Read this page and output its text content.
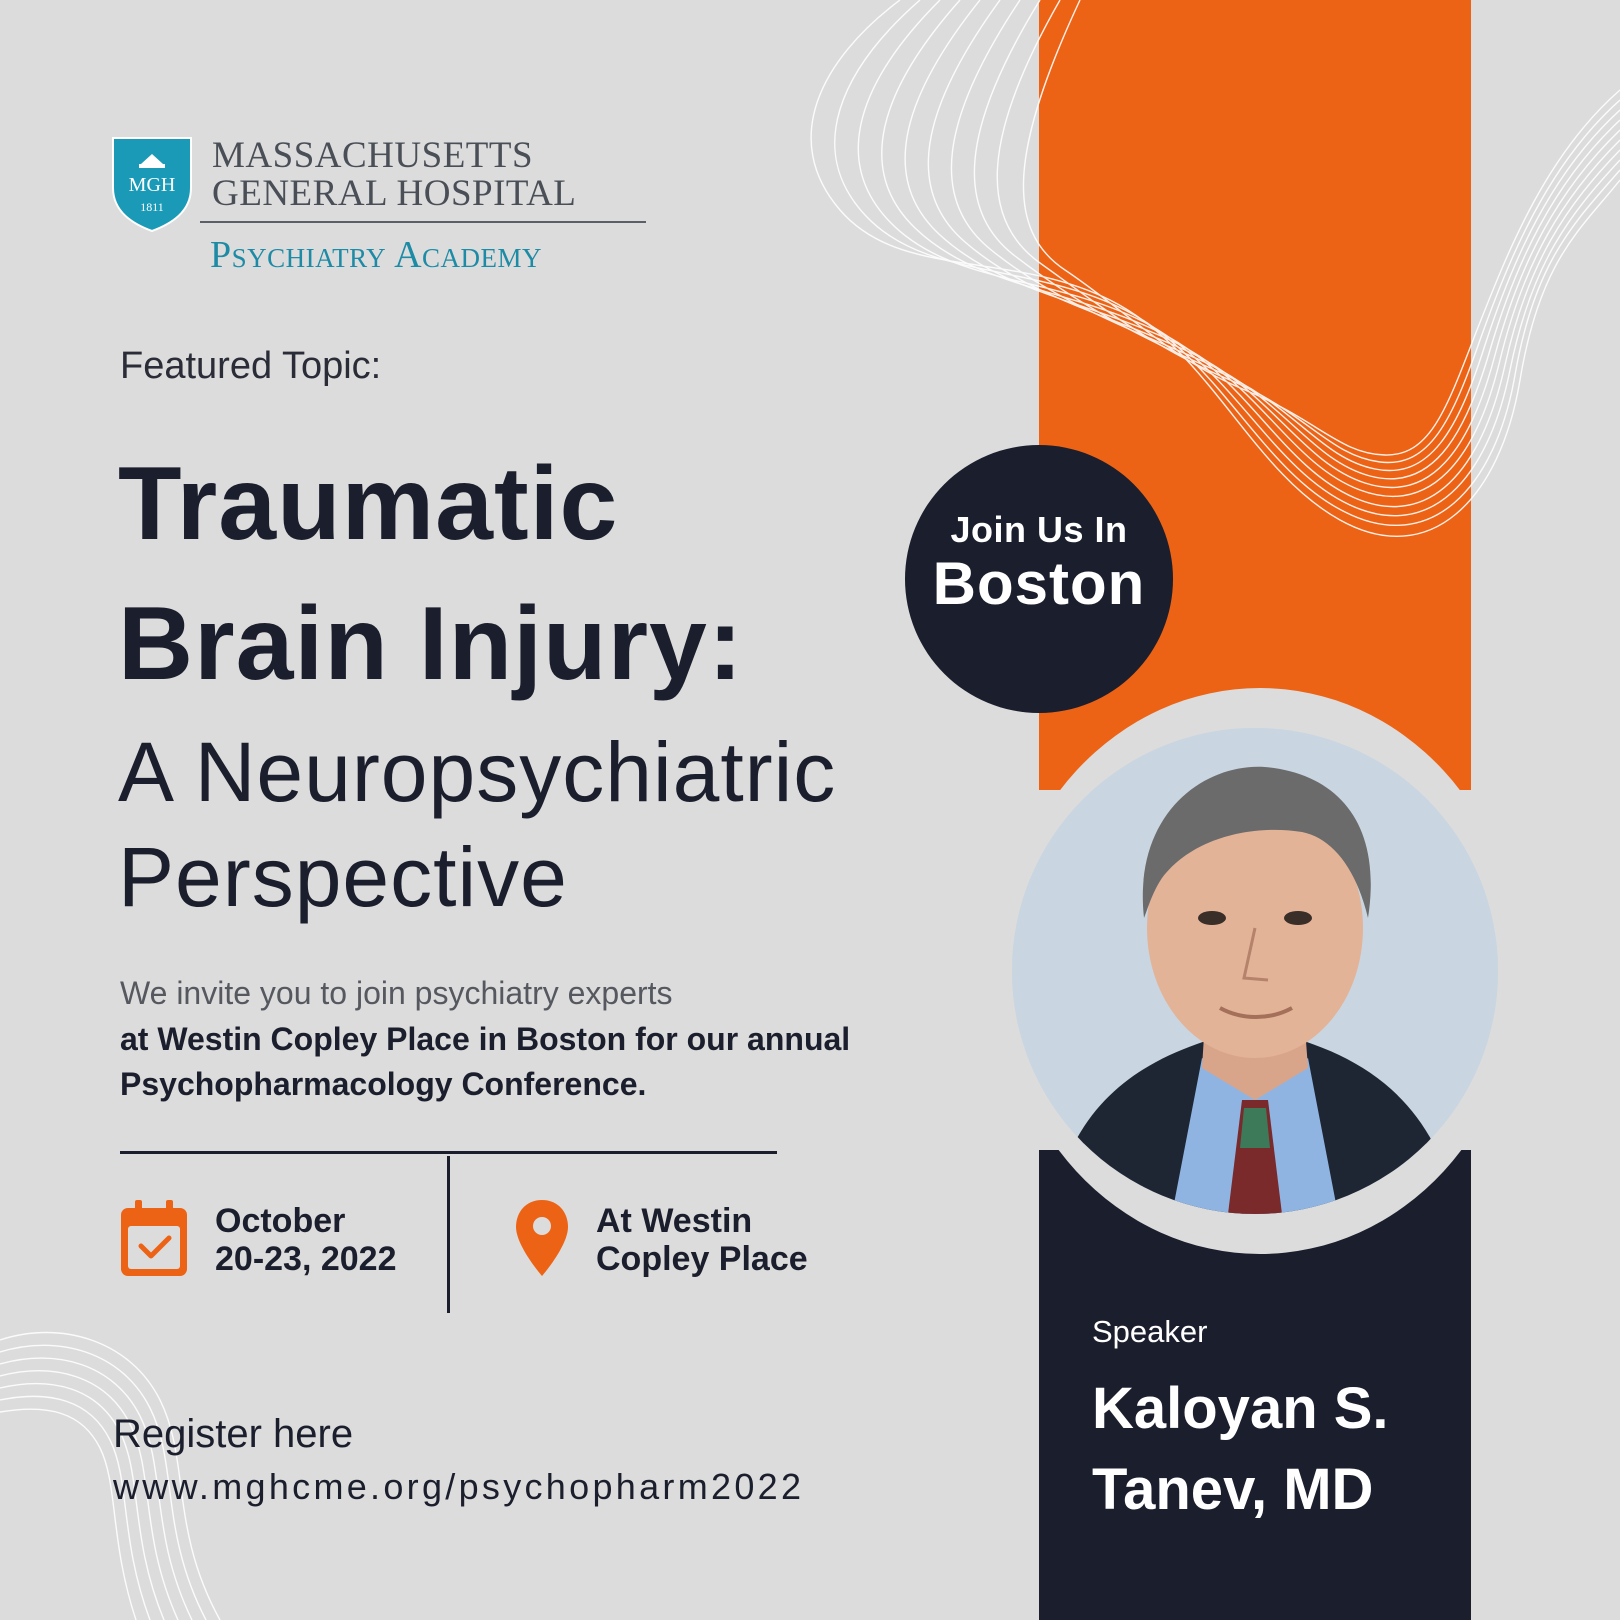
Join Us In
Boston
MGH
1811
MASSACHUSETTS
GENERAL HOSPITAL
Psychiatry Academy
Featured Topic:
Traumatic
Brain Injury:
A Neuropsychiatric
Perspective
We invite you to join psychiatry experts
at Westin Copley Place in Boston for our annual
Psychopharmacology Conference.
October
20-23, 2022
At Westin
Copley Place
Register here
www.mghcme.org/psychopharm2022
Speaker
Kaloyan S.
Tanev, MD
